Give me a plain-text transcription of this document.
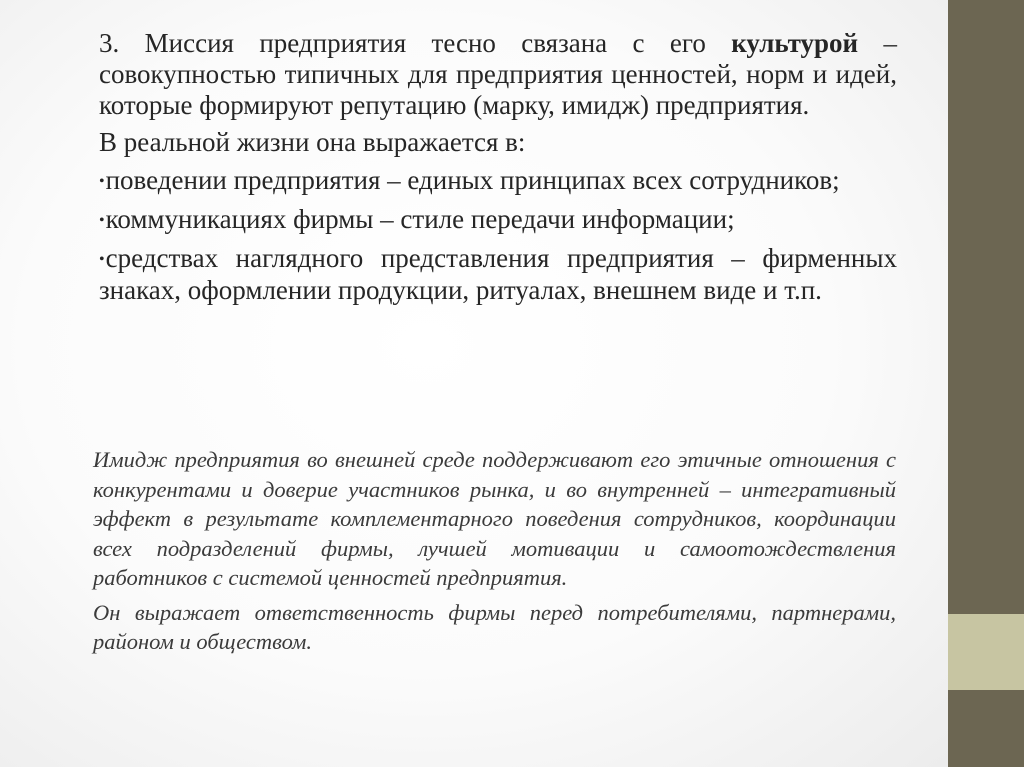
3. Миссия предприятия тесно связана с его культурой – совокупностью типичных для предприятия ценностей, норм и идей, которые формируют репутацию (марку, имидж) предприятия.

В реальной жизни она выражается в:

•поведении предприятия – единых принципах всех сотрудников;

•коммуникациях фирмы – стиле передачи информации;

•средствах наглядного представления предприятия – фирменных знаках, оформлении продукции, ритуалах, внешнем виде и т.п.

Имидж предприятия во внешней среде поддерживают его этичные отношения с конкурентами и доверие участников рынка, и во внутренней – интегративный эффект в результате комплементарного поведения сотрудников, координации всех подразделений фирмы, лучшей мотивации и самоотождествления работников с системой ценностей предприятия.

Он выражает ответственность фирмы перед потребителями, партнерами, районом и обществом.
